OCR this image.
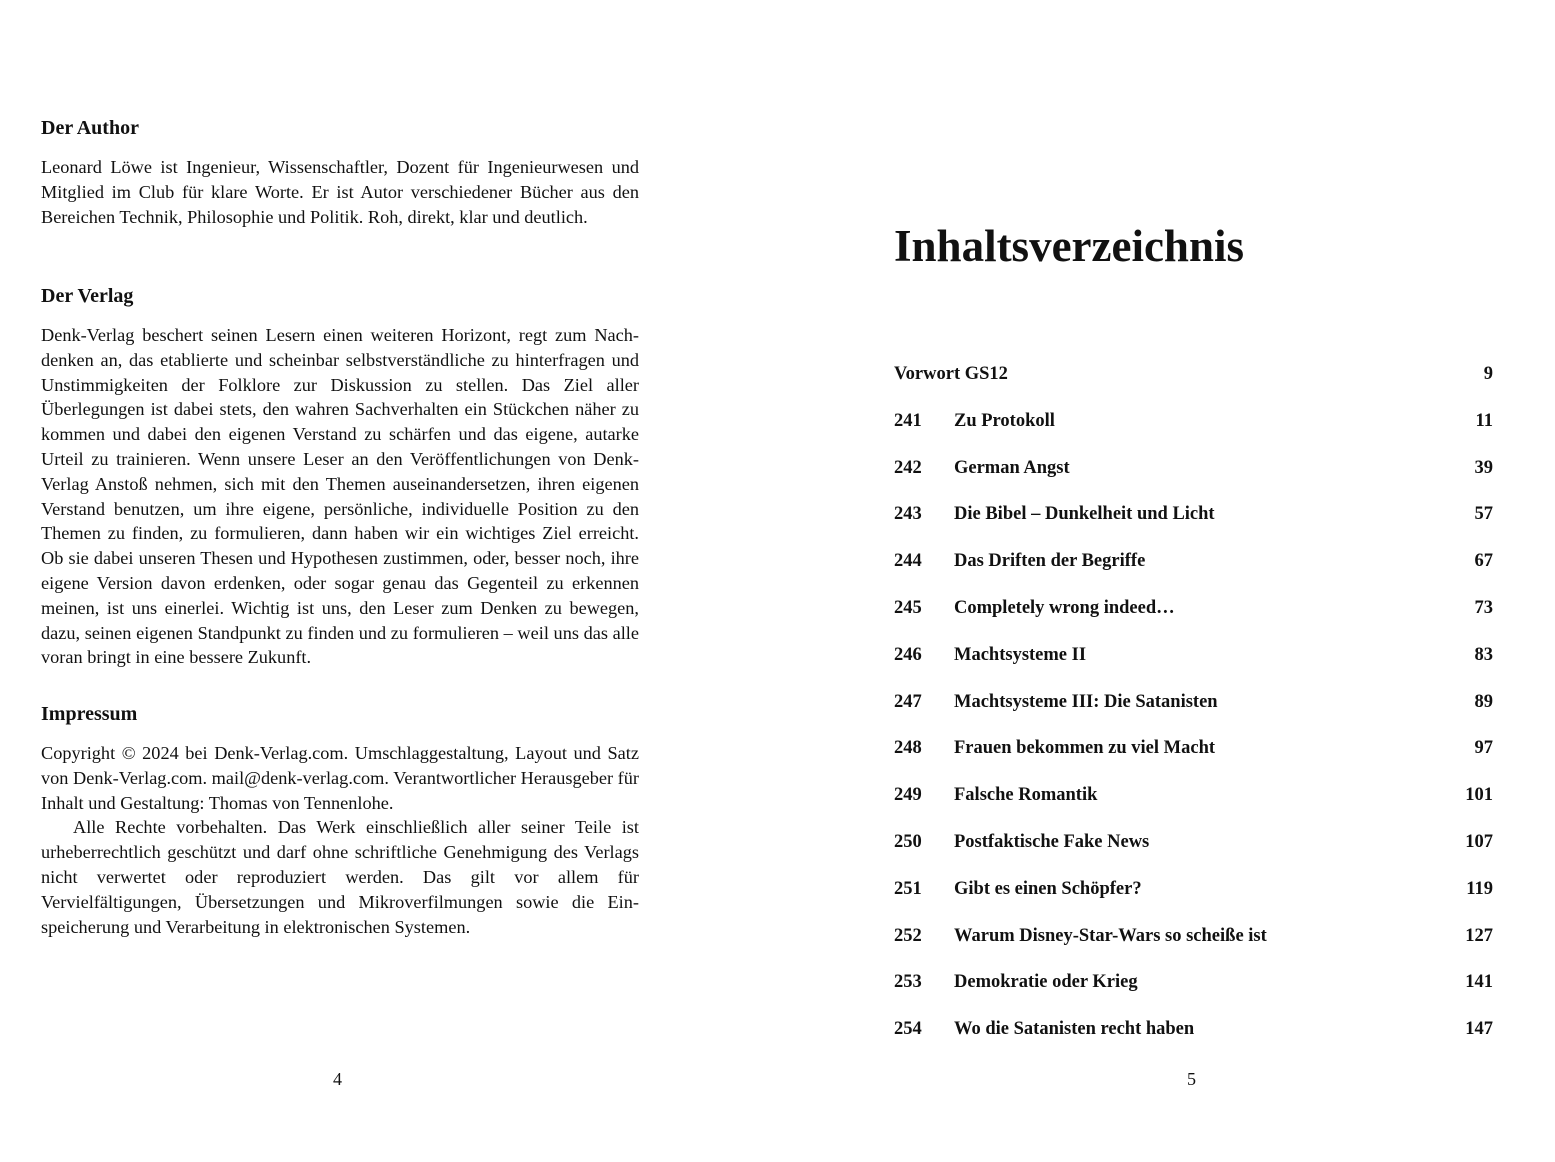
Der Author

Leonard Löwe ist Ingenieur, Wissenschaftler, Dozent für Ingenieurwesen und Mitglied im Club für klare Worte. Er ist Autor verschiedener Bücher aus den Bereichen Technik, Philosophie und Politik. Roh, direkt, klar und deutlich.

Der Verlag

Denk-Verlag beschert seinen Lesern einen weiteren Horizont, regt zum Nachdenken an, das etablierte und scheinbar selbstverständliche zu hinterfragen und Unstimmigkeiten der Folklore zur Diskussion zu stellen. Das Ziel aller Überlegungen ist dabei stets, den wahren Sachverhalten ein Stückchen näher zu kommen und dabei den eigenen Verstand zu schärfen und das eigene, autarke Urteil zu trainieren. Wenn unsere Leser an den Veröffentlichungen von Denk-Verlag Anstoß nehmen, sich mit den Themen auseinandersetzen, ihren eigenen Verstand benutzen, um ihre eigene, persönliche, individuelle Position zu den Themen zu finden, zu formulieren, dann haben wir ein wichtiges Ziel erreicht. Ob sie dabei unseren Thesen und Hypothesen zustimmen, oder, besser noch, ihre eigene Version davon erdenken, oder sogar genau das Gegenteil zu erkennen meinen, ist uns einerlei. Wichtig ist uns, den Leser zum Denken zu bewegen, dazu, seinen eigenen Standpunkt zu finden und zu formulieren – weil uns das alle voran bringt in eine bessere Zukunft.

Impressum
Copyright © 2024 bei Denk-Verlag.com. Umschlaggestaltung, Layout und Satz von Denk-Verlag.com. mail@denk-verlag.com. Verantwortlicher Herausgeber für Inhalt und Gestaltung: Thomas von Tennenlohe.
Alle Rechte vorbehalten. Das Werk einschließlich aller seiner Teile ist urheberrechtlich geschützt und darf ohne schriftliche Genehmigung des Verlags nicht verwertet oder reproduziert werden. Das gilt vor allem für Vervielfältigungen, Übersetzungen und Mikroverfilmungen sowie die Einspeicherung und Verarbeitung in elektronischen Systemen.
4
Inhaltsverzeichnis
Vorwort GS12	9
241 Zu Protokoll	11
242 German Angst	39
243 Die Bibel – Dunkelheit und Licht	57
244 Das Driften der Begriffe	67
245 Completely wrong indeed…	73
246 Machtsysteme II	83
247 Machtsysteme III: Die Satanisten	89
248 Frauen bekommen zu viel Macht	97
249 Falsche Romantik	101
250 Postfaktische Fake News	107
251 Gibt es einen Schöpfer?	119
252 Warum Disney-Star-Wars so scheiße ist	127
253 Demokratie oder Krieg	141
254 Wo die Satanisten recht haben	147
5
